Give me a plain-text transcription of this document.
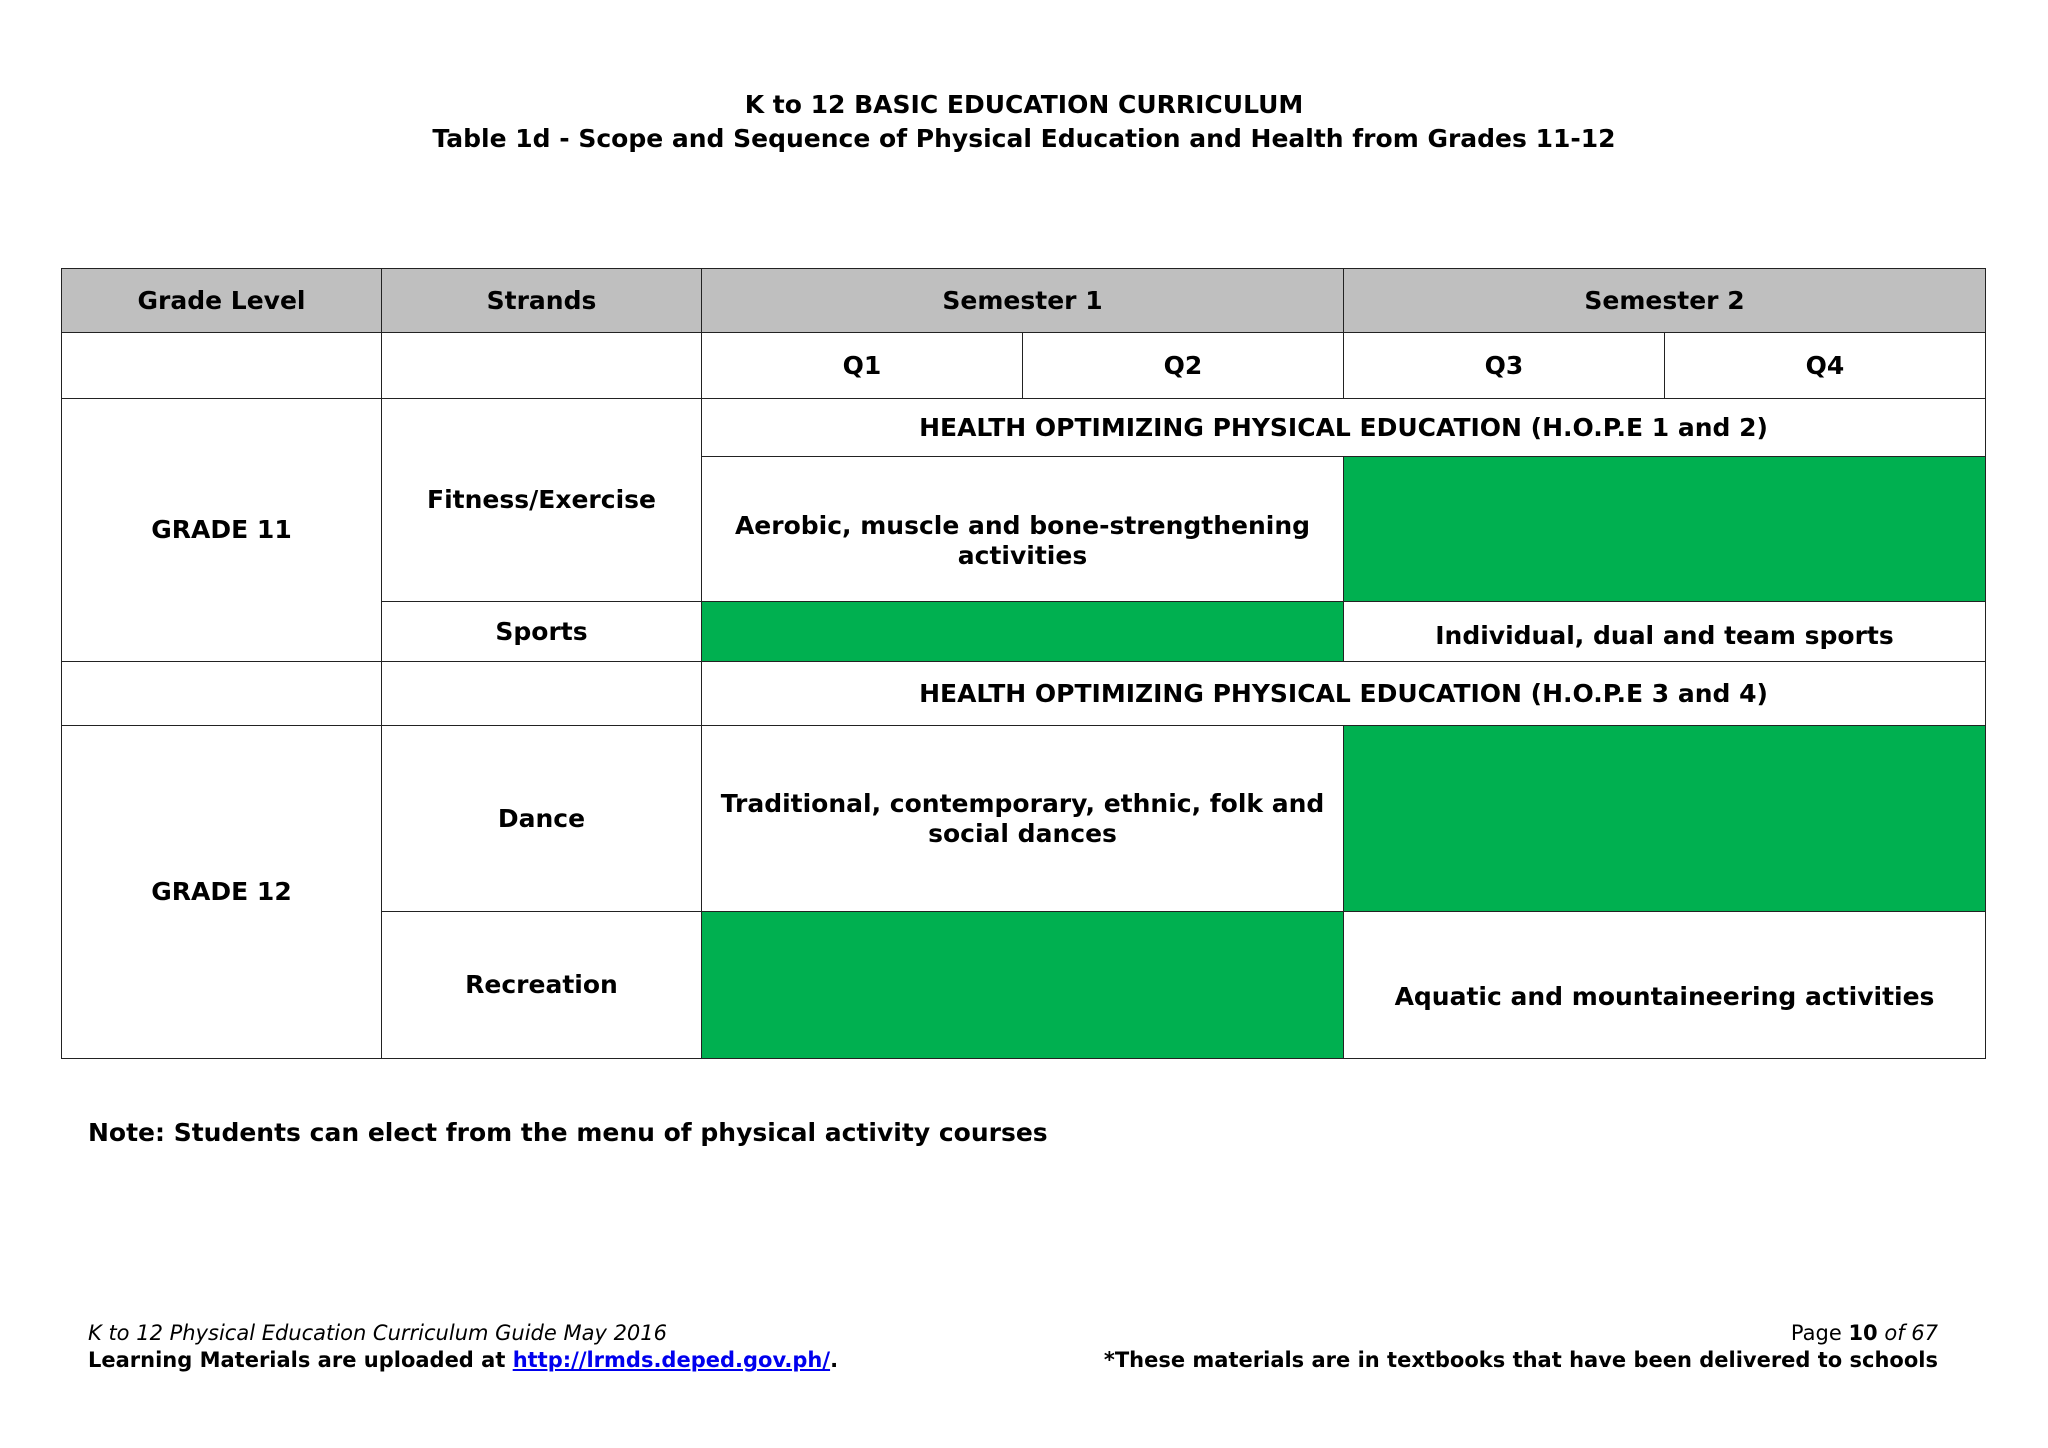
K to 12 BASIC EDUCATION CURRICULUM
Table 1d - Scope and Sequence of Physical Education and Health from Grades 11-12
Grade Level	Strands	Semester 1		Semester 2	
		Q1	Q2	Q3	Q4
GRADE 11	Fitness/Exercise	HEALTH OPTIMIZING PHYSICAL EDUCATION (H.O.P.E 1 and 2)			
		Aerobic, muscle and bone-strengthening activities			
	Sports			Individual, dual and team sports	
		HEALTH OPTIMIZING PHYSICAL EDUCATION (H.O.P.E 3 and 4)			
GRADE 12	Dance	Traditional, contemporary, ethnic, folk and social dances			
	Recreation			Aquatic and mountaineering activities	
Note: Students can elect from the menu of physical activity courses
K to 12 Physical Education Curriculum Guide May 2016
Learning Materials are uploaded at http://lrmds.deped.gov.ph/.
Page 10 of 67
*These materials are in textbooks that have been delivered to schools
